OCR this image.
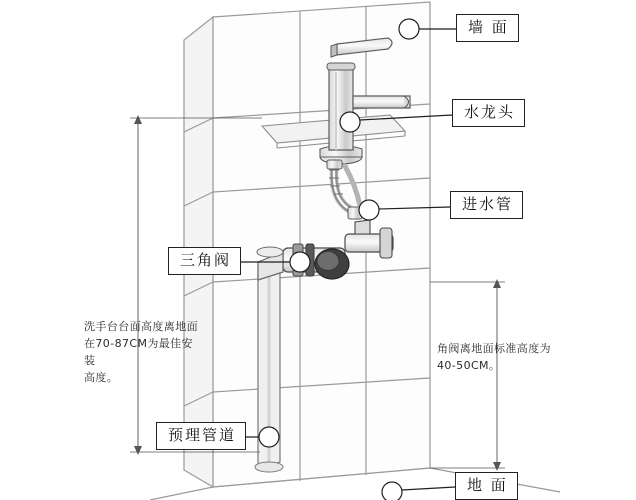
墙 面
水龙头
进水管
三角阀
预理管道
地 面
洗手台台面高度离地面
在70-87CM为最佳安装
高度。
角阀离地面标准高度为
40-50CM。
